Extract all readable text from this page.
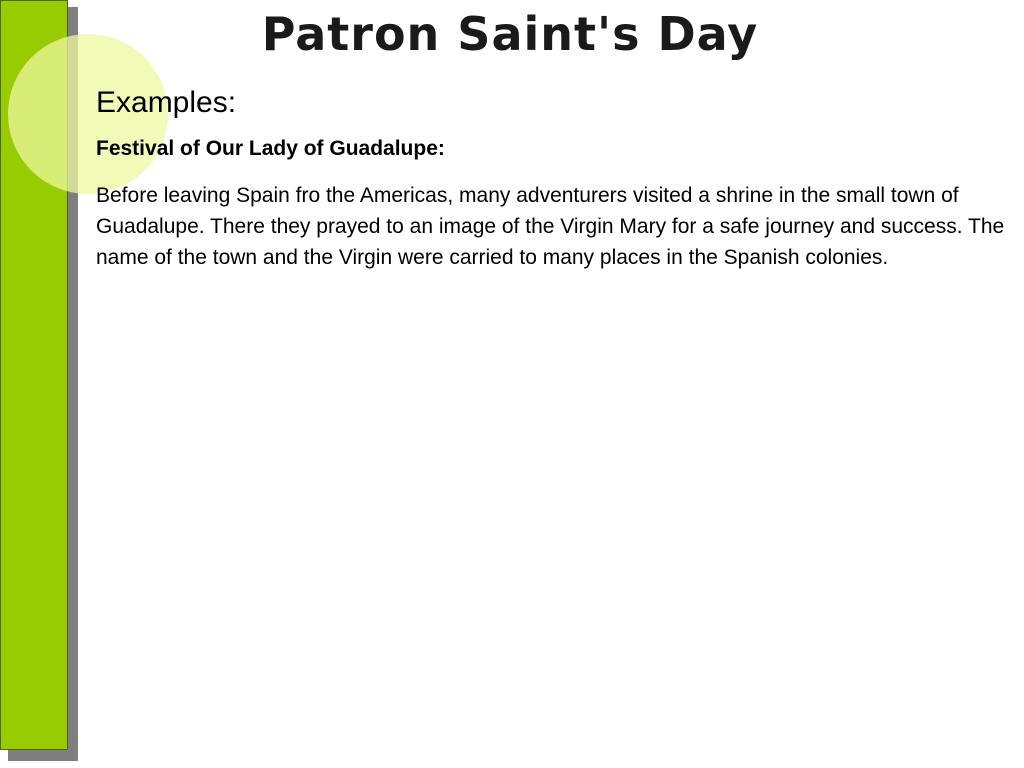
Patron Saint's Day
Examples:
Festival of Our Lady of Guadalupe:

Before leaving Spain fro the Americas, many adventurers visited a shrine in the small town of Guadalupe. There they prayed to an image of the Virgin Mary for a safe journey and success. The name of the town and the Virgin were carried to many places in the Spanish colonies.
